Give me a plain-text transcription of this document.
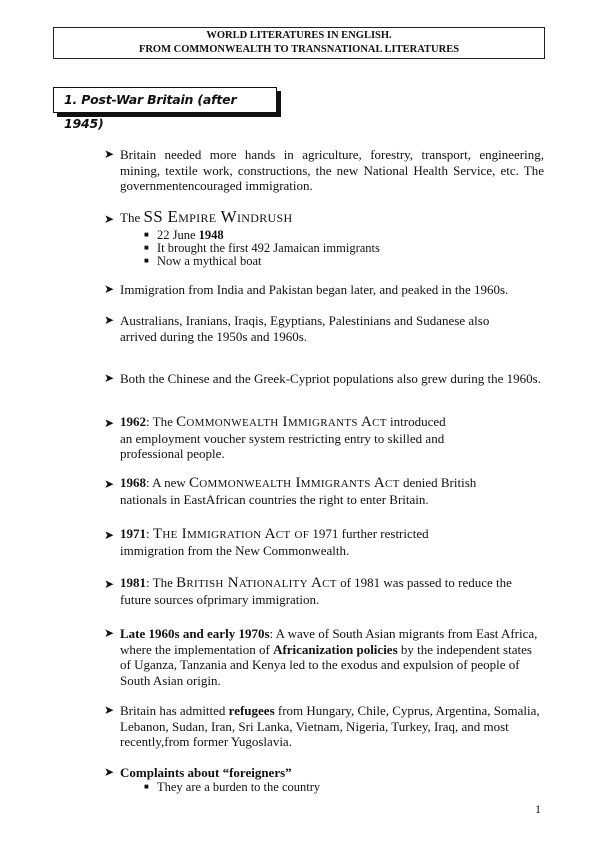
WORLD LITERATURES IN ENGLISH.
FROM COMMONWEALTH TO TRANSNATIONAL LITERATURES
1. Post-War Britain (after 1945)
➤ Britain needed more hands in agriculture, forestry, transport, engineering, mining, textile work, constructions, the new National Health Service, etc. The governmentencouraged immigration.
➤ The SS Empire Windrush
■ 22 June 1948
■ It brought the first 492 Jamaican immigrants
■ Now a mythical boat
➤ Immigration from India and Pakistan began later, and peaked in the 1960s.
➤ Australians, Iranians, Iraqis, Egyptians, Palestinians and Sudanese also arrived during the 1950s and 1960s.
➤ Both the Chinese and the Greek-Cypriot populations also grew during the 1960s.
➤ 1962: The Commonwealth Immigrants Act introduced an employment voucher system restricting entry to skilled and professional people.
➤ 1968: A new Commonwealth Immigrants Act denied British nationals in EastAfrican countries the right to enter Britain.
➤ 1971: The Immigration Act of 1971 further restricted immigration from the New Commonwealth.
➤ 1981: The British Nationality Act of 1981 was passed to reduce the future sources ofprimary immigration.
➤ Late 1960s and early 1970s: A wave of South Asian migrants from East Africa, where the implementation of Africanization policies by the independent states of Uganza, Tanzania and Kenya led to the exodus and expulsion of people of South Asian origin.
➤ Britain has admitted refugees from Hungary, Chile, Cyprus, Argentina, Somalia, Lebanon, Sudan, Iran, Sri Lanka, Vietnam, Nigeria, Turkey, Iraq, and most recently,from former Yugoslavia.
➤ Complaints about “foreigners”
■ They are a burden to the country
1
